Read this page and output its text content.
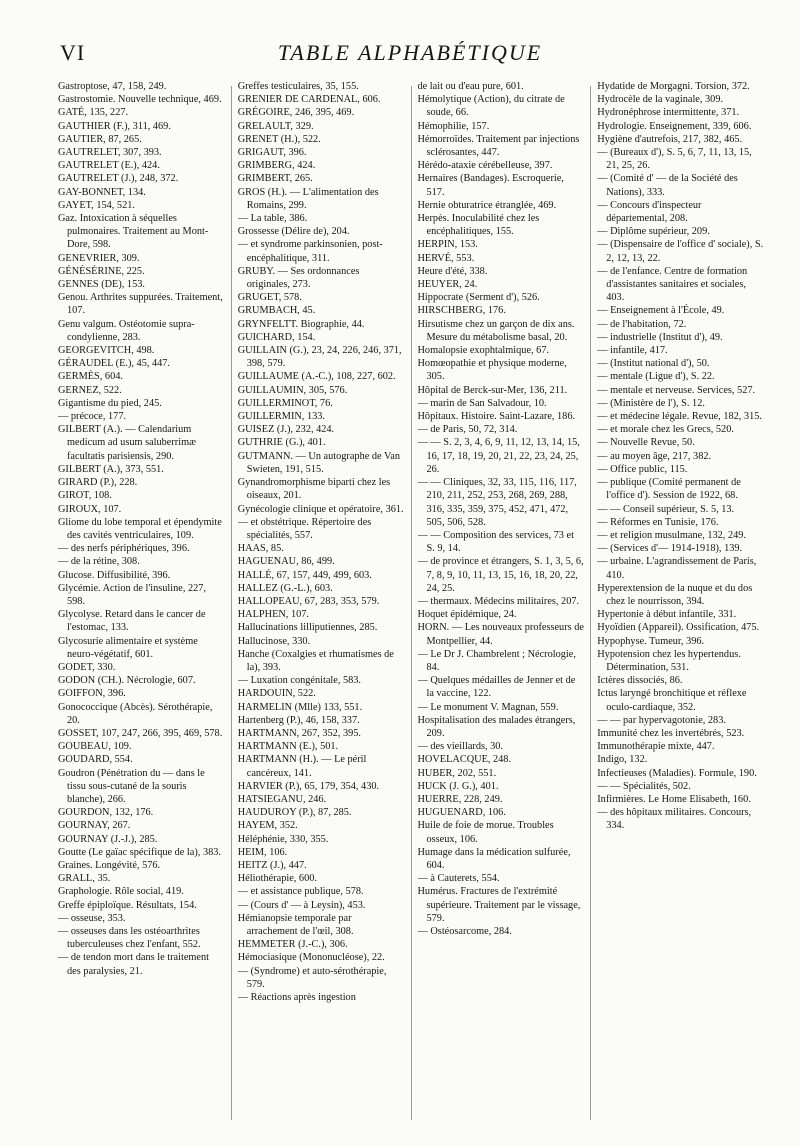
VI	TABLE ALPHABÉTIQUE

Gastroptose, 47, 158, 249.

Gastrostomie. Nouvelle technique, 469.

GATÉ, 135, 227.

GAUTHIER (F.), 311, 469.

GAUTIER, 87, 265.

GAUTRELET, 307, 393.

GAUTRELET (E.), 424.

GAUTRELET (J.), 248, 372.

GAY-BONNET, 134.

GAYET, 154, 521.

Gaz. Intoxication à séquelles pulmonaires. Traitement au Mont-Dore, 598.

GENEVRIER, 309.

GÉNÉSÉRINE, 225.

GENNES (DE), 153.

Genou. Arthrites suppurées. Traitement, 107.

Genu valgum. Ostéotomie supra-condylienne, 283.

GEORGEVITCH, 498.

GÉRAUDEL (E.), 45, 447.

GERMÈS, 604.

GERNEZ, 522.

Gigantisme du pied, 245.

— précoce, 177.

GILBERT (A.). — Calendarium medicum ad usum saluberrimæ facultatis parisiensis, 290.

GILBERT (A.), 373, 551.

GIRARD (P.), 228.

GIROT, 108.

GIROUX, 107.

Gliome du lobe temporal et épendymite des cavités ventriculaires, 109.

— des nerfs périphériques, 396.

— de la rétine, 308.

Glucose. Diffusibilité, 396.

Glycémie. Action de l'insuline, 227, 598.

Glycolyse. Retard dans le cancer de l'estomac, 133.

Glycosurie alimentaire et système neuro-végétatif, 601.

GODET, 330.

GODON (CH.). Nécrologie, 607.

GOIFFON, 396.

Gonococcique (Abcès). Sérothérapie, 20.

GOSSET, 107, 247, 266, 395, 469, 578.

GOUBEAU, 109.

GOUDARD, 554.

Goudron (Pénétration du — dans le tissu sous-cutané de la souris blanche), 266.

GOURDON, 132, 176.

GOURNAY, 267.

GOURNAY (J.-J.), 285.

Goutte (Le gaïac spécifique de la), 383.

Graines. Longévité, 576.

GRALL, 35.

Graphologie. Rôle social, 419.

Greffe épiploïque. Résultats, 154.

— osseuse, 353.

— osseuses dans les ostéoarthrites tuberculeuses chez l'enfant, 552.

— de tendon mort dans le traitement des paralysies, 21.

Greffes testiculaires, 35, 155.

GRENIER DE CARDENAL, 606.

GRÉGOIRE, 246, 395, 469.

GRELAULT, 329.

GRENET (H.), 522.

GRIGAUT, 396.

GRIMBERG, 424.

GRIMBERT, 265.

GROS (H.). — L'alimentation des Romains, 299.

— La table, 386.

Grossesse (Délire de), 204.

— et syndrome parkinsonien, post-encéphalitique, 311.

GRUBY. — Ses ordonnances originales, 273.

GRUGET, 578.

GRUMBACH, 45.

GRYNFELTT. Biographie, 44.

GUICHARD, 154.

GUILLAIN (G.), 23, 24, 226, 246, 371, 398, 579.

GUILLAUME (A.-C.), 108, 227, 602.

GUILLAUMIN, 305, 576.

GUILLERMINOT, 76.

GUILLERMIN, 133.

GUISEZ (J.), 232, 424.

GUTHRIE (G.), 401.

GUTMANN. — Un autographe de Van Swieten, 191, 515.

Gynandromorphisme biparti chez les oiseaux, 201.

Gynécologie clinique et opératoire, 361.

— et obstétrique. Répertoire des spécialités, 557.

HAAS, 85.

HAGUENAU, 86, 499.

HALLÉ, 67, 157, 449, 499, 603.

HALLEZ (G.-L.), 603.

HALLOPEAU, 67, 283, 353, 579.

HALPHEN, 107.

Hallucinations lilliputiennes, 285.

Hallucinose, 330.

Hanche (Coxalgies et rhumatismes de la), 393.

— Luxation congénitale, 583.

HARDOUIN, 522.

HARMELIN (Mlle) 133, 551.

Hartenberg (P.), 46, 158, 337.

HARTMANN, 267, 352, 395.

HARTMANN (E.), 501.

HARTMANN (H.). — Le péril cancéreux, 141.

HARVIER (P.), 65, 179, 354, 430.

HATSIEGANU, 246.

HAUDUROY (P.), 87, 285.

HAYEM, 352.

Héléphénie, 330, 355.

HEIM, 106.

HEITZ (J.), 447.

Héliothérapie, 600.

— et assistance publique, 578.

— (Cours d' — à Leysin), 453.

Hémianopsie temporale par arrachement de l'œil, 308.

HEMMETER (J.-C.), 306.

Hémociasique (Mononucléose), 22.

— (Syndrome) et auto-sérothérapie, 579.

— Réactions après ingestion

de lait ou d'eau pure, 601.

Hémolytique (Action), du citrate de soude, 66.

Hémophilie, 157.

Hémorroïdes. Traitement par injections sclérosantes, 447.

Hérédo-ataxie cérébelleuse, 397.

Hernaires (Bandages). Escroquerie, 517.

Hernie obturatrice étranglée, 469.

Herpès. Inoculabilité chez les encéphalitiques, 155.

HERPIN, 153.

HERVÉ, 553.

Heure d'été, 338.

HEUYER, 24.

Hippocrate (Serment d'), 526.

HIRSCHBERG, 176.

Hirsutisme chez un garçon de dix ans. Mesure du métabolisme basal, 20.

Homalopsie exophtalmique, 67.

Homœopathie et physique moderne, 305.

Hôpital de Berck-sur-Mer, 136, 211.

— marin de San Salvadour, 10.

Hôpitaux. Histoire. Saint-Lazare, 186.

— de Paris, 50, 72, 314.

— — S. 2, 3, 4, 6, 9, 11, 12, 13, 14, 15, 16, 17, 18, 19, 20, 21, 22, 23, 24, 25, 26.

— — Cliniques, 32, 33, 115, 116, 117, 210, 211, 252, 253, 268, 269, 288, 316, 335, 359, 375, 452, 471, 472, 505, 506, 528.

— — Composition des services, 73 et S. 9, 14.

— de province et étrangers, S. 1, 3, 5, 6, 7, 8, 9, 10, 11, 13, 15, 16, 18, 20, 22, 24, 25.

— thermaux. Médecins militaires, 207.

Hoquet épidémique, 24.

HORN. — Les nouveaux professeurs de Montpellier, 44.

— Le Dr J. Chambrelent ; Nécrologie, 84.

— Quelques médailles de Jenner et de la vaccine, 122.

— Le monument V. Magnan, 559.

Hospitalisation des malades étrangers, 209.

— des vieillards, 30.

HOVELACQUE, 248.

HUBER, 202, 551.

HUCK (J. G.), 401.

HUERRE, 228, 249.

HUGUENARD, 106.

Huile de foie de morue. Troubles osseux, 106.

Humage dans la médication sulfurée, 604.

— à Cauterets, 554.

Humérus. Fractures de l'extrémité supérieure. Traitement par le vissage, 579.

— Ostéosarcome, 284.

Hydatide de Morgagni. Torsion, 372.

Hydrocèle de la vaginale, 309.

Hydronéphrose intermittente, 371.

Hydrologie. Enseignement, 339, 606.

Hygiène d'autrefois, 217, 382, 465.

— (Bureaux d'), S. 5, 6, 7, 11, 13, 15, 21, 25, 26.

— (Comité d' — de la Société des Nations), 333.

— Concours d'inspecteur départemental, 208.

— Diplôme supérieur, 209.

— (Dispensaire de l'office d' sociale), S. 2, 12, 13, 22.

— de l'enfance. Centre de formation d'assistantes sanitaires et sociales, 403.

— Enseignement à l'École, 49.

— de l'habitation, 72.

— industrielle (Institut d'), 49.

— infantile, 417.

— (Institut national d'), 50.

— mentale (Ligue d'), S. 22.

— mentale et nerveuse. Services, 527.

— (Ministère de l'), S. 12.

— et médecine légale. Revue, 182, 315.

— et morale chez les Grecs, 520.

— Nouvelle Revue, 50.

— au moyen âge, 217, 382.

— Office public, 115.

— publique (Comité permanent de l'office d'). Session de 1922, 68.

— — Conseil supérieur, S. 5, 13.

— Réformes en Tunisie, 176.

— et religion musulmane, 132, 249.

— (Services d'— 1914-1918), 139.

— urbaine. L'agrandissement de Paris, 410.

Hyperextension de la nuque et du dos chez le nourrisson, 394.

Hypertonie à début infantile, 331.

Hyoïdien (Appareil). Ossification, 475.

Hypophyse. Tumeur, 396.

Hypotension chez les hypertendus. Détermination, 531.

Ictères dissociés, 86.

Ictus laryngé bronchitique et réflexe oculo-cardiaque, 352.

— — par hypervagotonie, 283.

Immunité chez les invertébrés, 523.

Immunothérapie mixte, 447.

Indigo, 132.

Infectieuses (Maladies). Formule, 190.

— — Spécialités, 502.

Infirmières. Le Home Elisabeth, 160.

— des hôpitaux militaires. Concours, 334.
